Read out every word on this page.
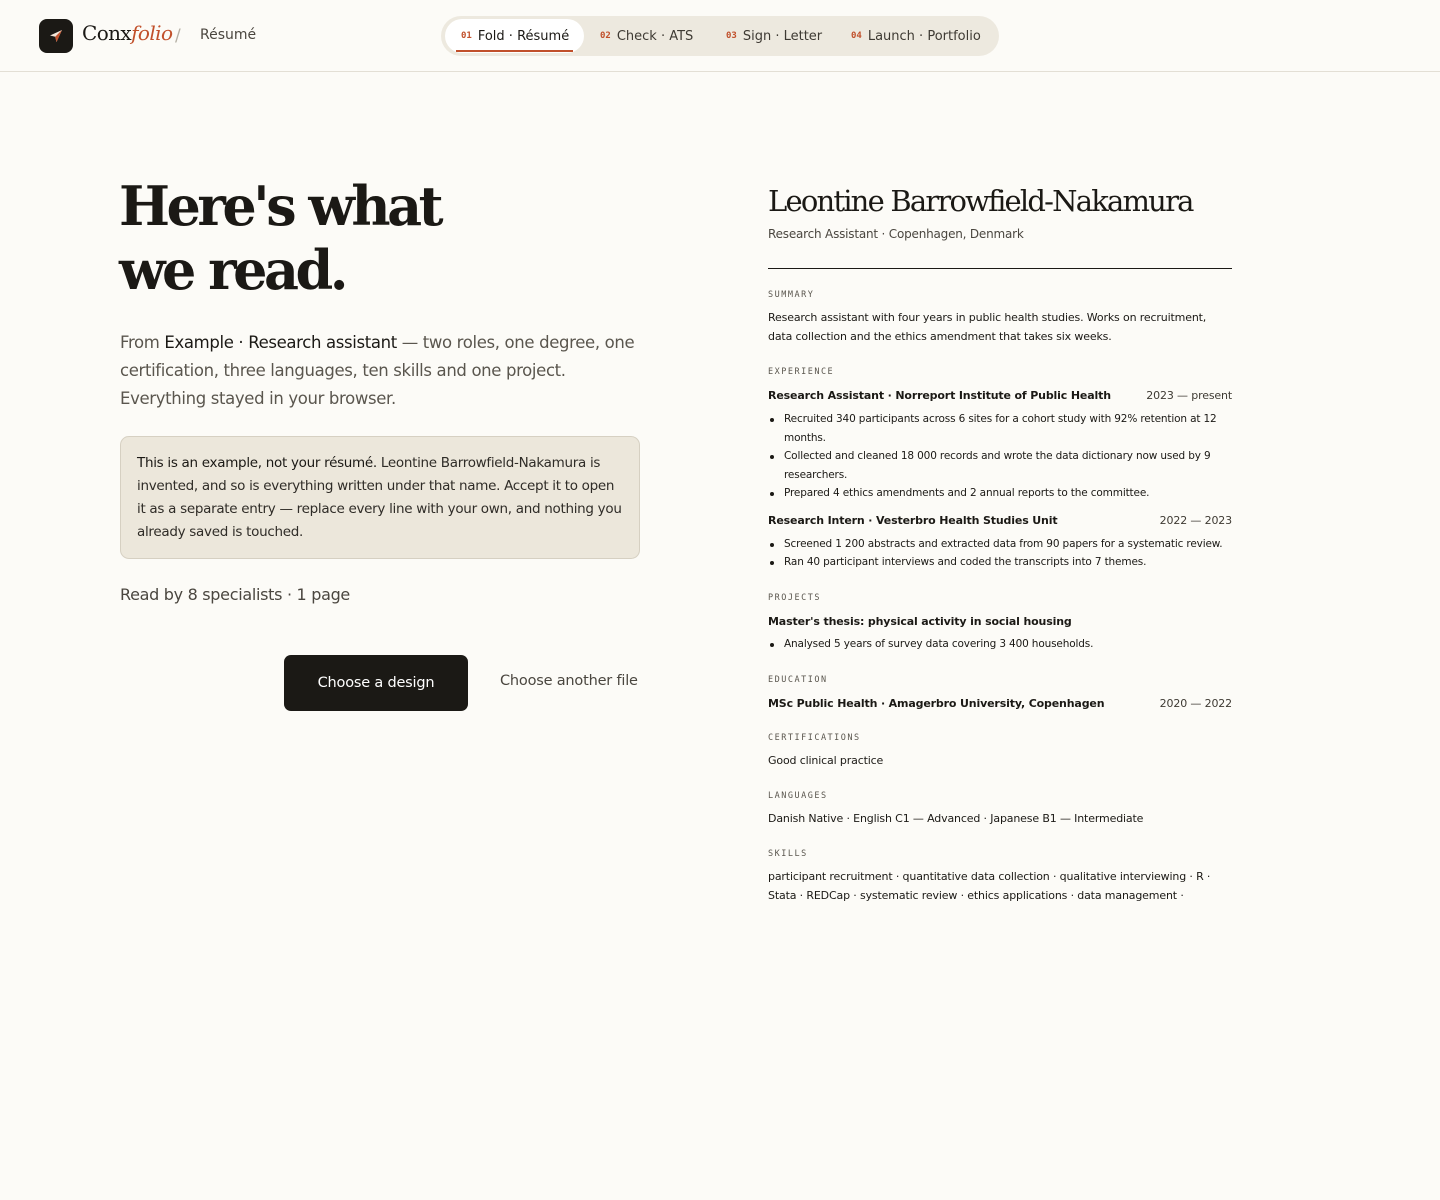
Conxfolio / Résumé	01 Fold · Résumé	02 Check · ATS	03 Sign · Letter	04 Launch · Portfolio
Here's what
we read.

From Example · Research assistant — two roles, one degree, one certification, three languages, ten skills and one project. Everything stayed in your browser.

This is an example, not your résumé. Leontine Barrowfield-Nakamura is invented, and so is everything written under that name. Accept it to open it as a separate entry — replace every line with your own, and nothing you already saved is touched.
Read by 8 specialists · 1 page
Choose a design	Choose another file
Leontine Barrowfield-Nakamura
Research Assistant · Copenhagen, Denmark
SUMMARY
Research assistant with four years in public health studies. Works on recruitment, data collection and the ethics amendment that takes six weeks.
EXPERIENCE
Research Assistant · Norreport Institute of Public Health	2023 — present
Recruited 340 participants across 6 sites for a cohort study with 92% retention at 12 months.
Collected and cleaned 18 000 records and wrote the data dictionary now used by 9 researchers.
Prepared 4 ethics amendments and 2 annual reports to the committee.
Research Intern · Vesterbro Health Studies Unit	2022 — 2023
Screened 1 200 abstracts and extracted data from 90 papers for a systematic review.
Ran 40 participant interviews and coded the transcripts into 7 themes.
PROJECTS
Master's thesis: physical activity in social housing
Analysed 5 years of survey data covering 3 400 households.
EDUCATION
MSc Public Health · Amagerbro University, Copenhagen	2020 — 2022
CERTIFICATIONS
Good clinical practice
LANGUAGES
Danish Native · English C1 — Advanced · Japanese B1 — Intermediate
SKILLS
participant recruitment · quantitative data collection · qualitative interviewing · R · Stata · REDCap · systematic review · ethics applications · data management ·
